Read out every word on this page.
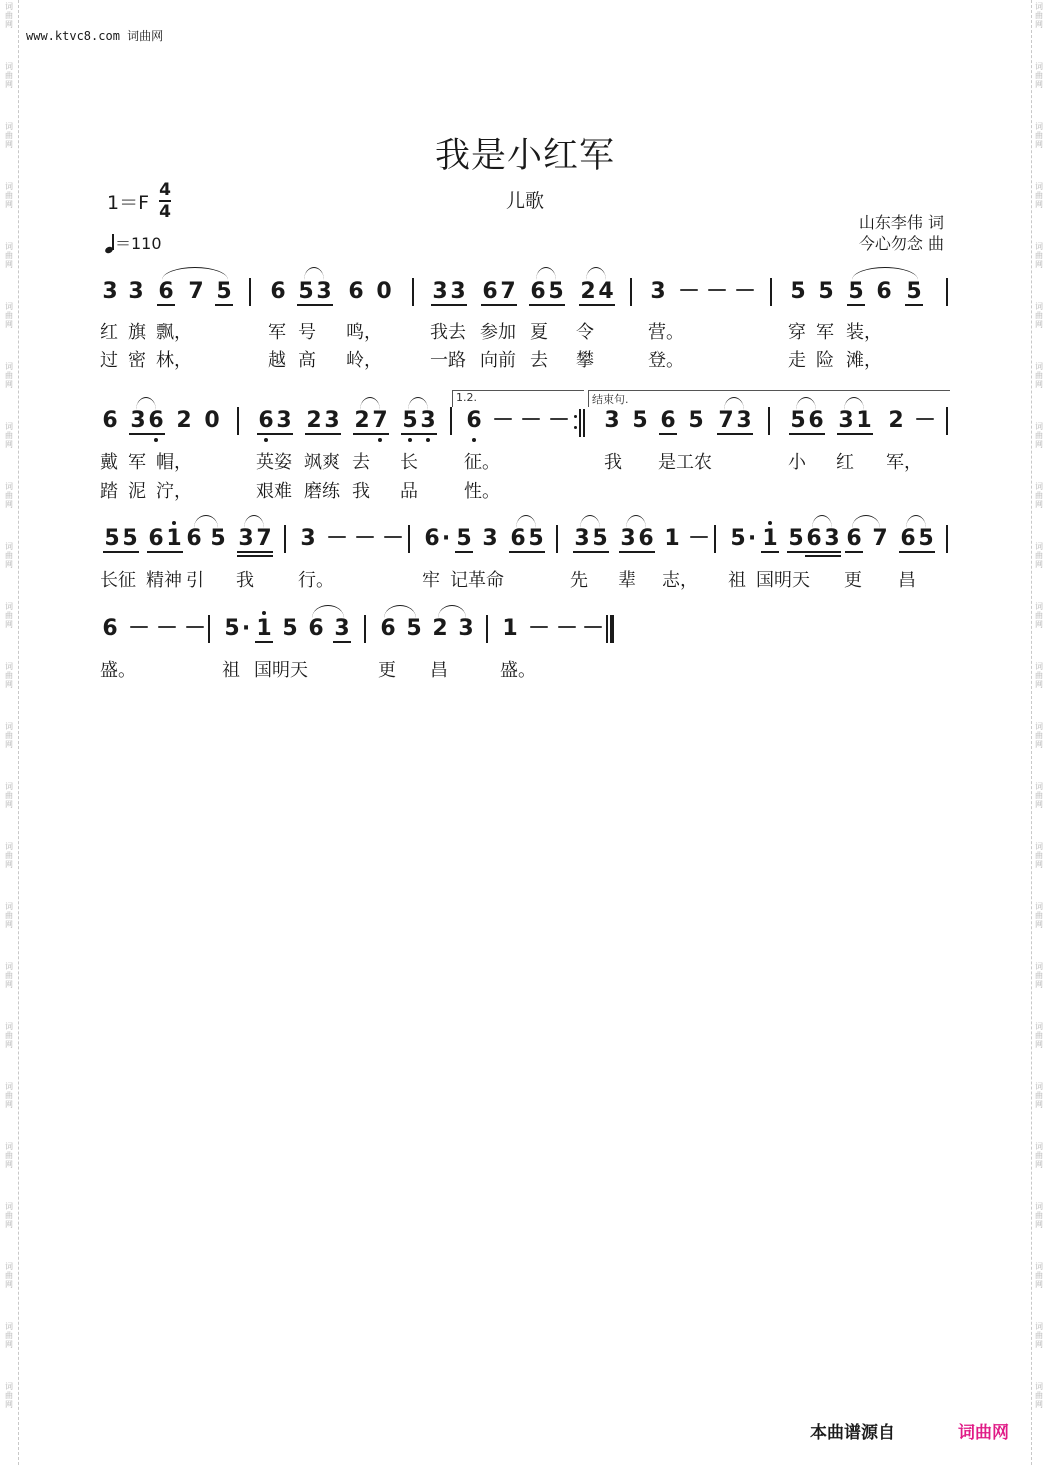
词
曲
网
词
曲
网
词
曲
网
词
曲
网
词
曲
网
词
曲
网
词
曲
网
词
曲
网
词
曲
网
词
曲
网
词
曲
网
词
曲
网
词
曲
网
词
曲
网
词
曲
网
词
曲
网
词
曲
网
词
曲
网
词
曲
网
词
曲
网
词
曲
网
词
曲
网
词
曲
网
词
曲
网
词
曲
网
词
曲
网
词
曲
网
词
曲
网
词
曲
网
词
曲
网
词
曲
网
词
曲
网
词
曲
网
词
曲
网
词
曲
网
词
曲
网
词
曲
网
词
曲
网
词
曲
网
词
曲
网
词
曲
网
词
曲
网
词
曲
网
词
曲
网
词
曲
网
词
曲
网
词
曲
网
词
曲
网
www.ktvc8.com 词曲网
我是小红军
儿歌
1＝F
4
4
＝110
山东李伟 词
今心勿念 曲
3 3 6 7 5 6 5 3 6 0 3 3 6 7 6 5 2 4 3 － － － 5 5 5 6 5
红 旗 飘，	军 号 鸣，	我去 参加 夏 令	营。	穿 军 装，
过 密 林，	越 高 岭，	一路 向前 去 攀	登。	走 险 滩，
6 3 6 2 0 6 3 2 3 2 7 5 3
1.2.
6 － － －
结束句.
3 5 6 5 7 3 5 6 3 1 2 －
戴 军 帽，	英姿 飒爽 去 长	征。	我 是工农	小 红 军，
踏 泥 泞，	艰难 磨练 我 品	性。
5 5 6 1 6 5 3 7 3 － － － 6 · 5 3 6 5 3 5 3 6 1 － 5 · 1 5 6 3 6 7 6 5
长征 精神 引 我 行。	牢 记革命	先 辈 志， 祖 国明天 更 昌
6 － － － 5 · 1 5 6 3 6 5 2 3 1 － － －
盛。	祖 国明天	更 昌	盛。
本曲谱源自	词曲网
